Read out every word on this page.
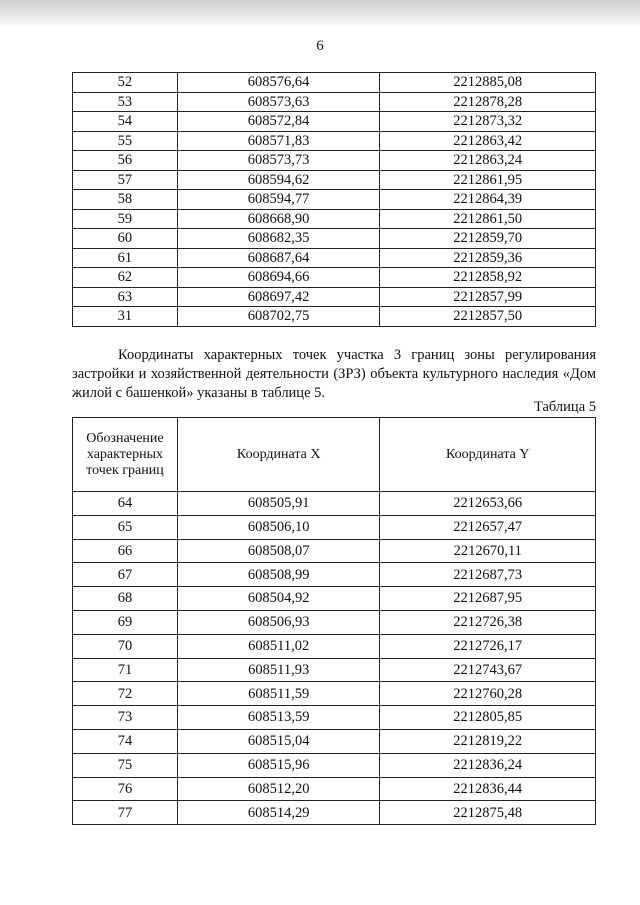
6
52	608576,64	2212885,08
53	608573,63	2212878,28
54	608572,84	2212873,32
55	608571,83	2212863,42
56	608573,73	2212863,24
57	608594,62	2212861,95
58	608594,77	2212864,39
59	608668,90	2212861,50
60	608682,35	2212859,70
61	608687,64	2212859,36
62	608694,66	2212858,92
63	608697,42	2212857,99
31	608702,75	2212857,50

Координаты характерных точек участка 3 границ зоны регулирования застройки и хозяйственной деятельности (ЗРЗ) объекта культурного наследия «Дом жилой с башенкой» указаны в таблице 5.

Таблица 5
Обозначение характерных точек границ	Координата X	Координата Y
64	608505,91	2212653,66
65	608506,10	2212657,47
66	608508,07	2212670,11
67	608508,99	2212687,73
68	608504,92	2212687,95
69	608506,93	2212726,38
70	608511,02	2212726,17
71	608511,93	2212743,67
72	608511,59	2212760,28
73	608513,59	2212805,85
74	608515,04	2212819,22
75	608515,96	2212836,24
76	608512,20	2212836,44
77	608514,29	2212875,48
